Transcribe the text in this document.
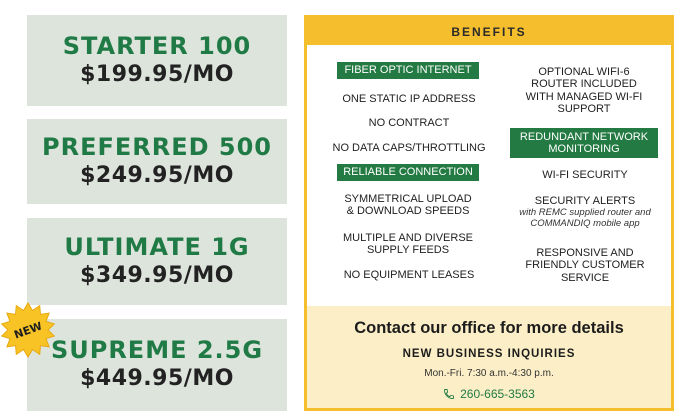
STARTER 100
$199.95/MO
PREFERRED 500
$249.95/MO
ULTIMATE 1G
$349.95/MO
SUPREME 2.5G
$449.95/MO
NEW
BENEFITS
FIBER OPTIC INTERNET
ONE STATIC IP ADDRESS
NO CONTRACT
NO DATA CAPS/THROTTLING
RELIABLE CONNECTION
SYMMETRICAL UPLOAD & DOWNLOAD SPEEDS
MULTIPLE AND DIVERSE SUPPLY FEEDS
NO EQUIPMENT LEASES
OPTIONAL WIFI-6 ROUTER INCLUDED WITH MANAGED WI-FI SUPPORT
REDUNDANT NETWORK MONITORING
WI-FI SECURITY
SECURITY ALERTS
with REMC supplied router and COMMANDIQ mobile app
RESPONSIVE AND FRIENDLY CUSTOMER SERVICE
Contact our office for more details
NEW BUSINESS INQUIRIES
Mon.-Fri. 7:30 a.m.-4:30 p.m.
260-665-3563
